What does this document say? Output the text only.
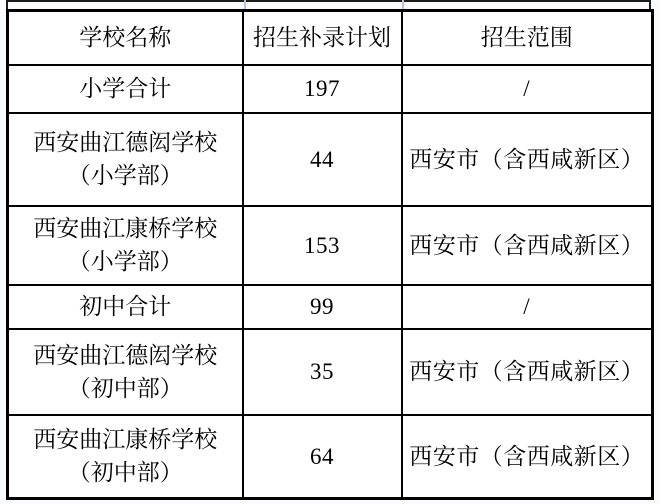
学校名称	招生补录计划	招生范围

小学合计	197	/

西安曲江德闳学校
（小学部）	44	西安市（含西咸新区）

西安曲江康桥学校
（小学部）	153	西安市（含西咸新区）

初中合计	99	/

西安曲江德闳学校
（初中部）	35	西安市（含西咸新区）

西安曲江康桥学校
（初中部）	64	西安市（含西咸新区）
